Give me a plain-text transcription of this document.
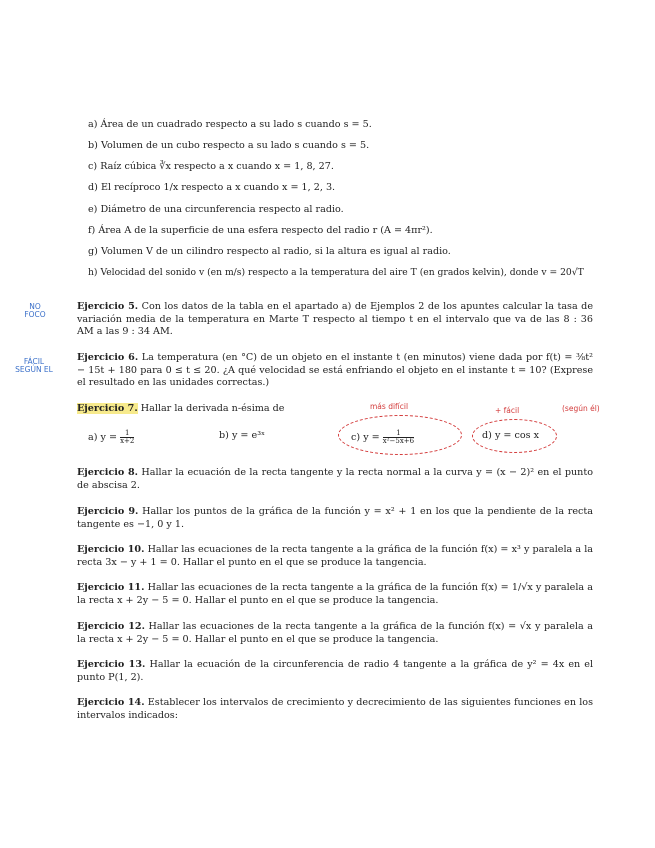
a) Área de un cuadrado respecto a su lado s cuando s = 5.
b) Volumen de un cubo respecto a su lado s cuando s = 5.
c) Raíz cúbica ∛x respecto a x cuando x = 1, 8, 27.
d) El recíproco 1/x respecto a x cuando x = 1, 2, 3.
e) Diámetro de una circunferencia respecto al radio.
f) Área A de la superficie de una esfera respecto del radio r (A = 4πr²).
g) Volumen V de un cilindro respecto al radio, si la altura es igual al radio.
h) Velocidad del sonido v (en m/s) respecto a la temperatura del aire T (en grados kelvin), donde v = 20√T
Ejercicio 5. Con los datos de la tabla en el apartado a) de Ejemplos 2 de los apuntes calcular la tasa de variación media de la temperatura en Marte T respecto al tiempo t en el intervalo que va de las 8 : 36 AM a las 9 : 34 AM.
Ejercicio 6. La temperatura (en °C) de un objeto en el instante t (en minutos) viene dada por f(t) = ⅜t² − 15t + 180 para 0 ≤ t ≤ 20. ¿A qué velocidad se está enfriando el objeto en el instante t = 10? (Exprese el resultado en las unidades correctas.)
Ejercicio 7. Hallar la derivada n-ésima de
a) $y = \frac{1}{x+2}$	b) y = e³ˣ	c) $y = \frac{1}{\text{x²−5x+6}}$	d) y = cos x
Ejercicio 8. Hallar la ecuación de la recta tangente y la recta normal a la curva y = (x − 2)² en el punto de abscisa 2.
Ejercicio 9. Hallar los puntos de la gráfica de la función y = x² + 1 en los que la pendiente de la recta tangente es −1, 0 y 1.
Ejercicio 10. Hallar las ecuaciones de la recta tangente a la gráfica de la función f(x) = x³ y paralela a la recta 3x − y + 1 = 0. Hallar el punto en el que se produce la tangencia.
Ejercicio 11. Hallar las ecuaciones de la recta tangente a la gráfica de la función f(x) = 1/√x y paralela a la recta x + 2y − 5 = 0. Hallar el punto en el que se produce la tangencia.
Ejercicio 12. Hallar las ecuaciones de la recta tangente a la gráfica de la función f(x) = √x y paralela a la recta x + 2y − 5 = 0. Hallar el punto en el que se produce la tangencia.
Ejercicio 13. Hallar la ecuación de la circunferencia de radio 4 tangente a la gráfica de y² = 4x en el punto P(1, 2).
Ejercicio 14. Establecer los intervalos de crecimiento y decrecimiento de las siguientes funciones en los intervalos indicados:
NO FOCO
FÁCIL SEGÚN EL
más difícil	+ fácil	(según él)
